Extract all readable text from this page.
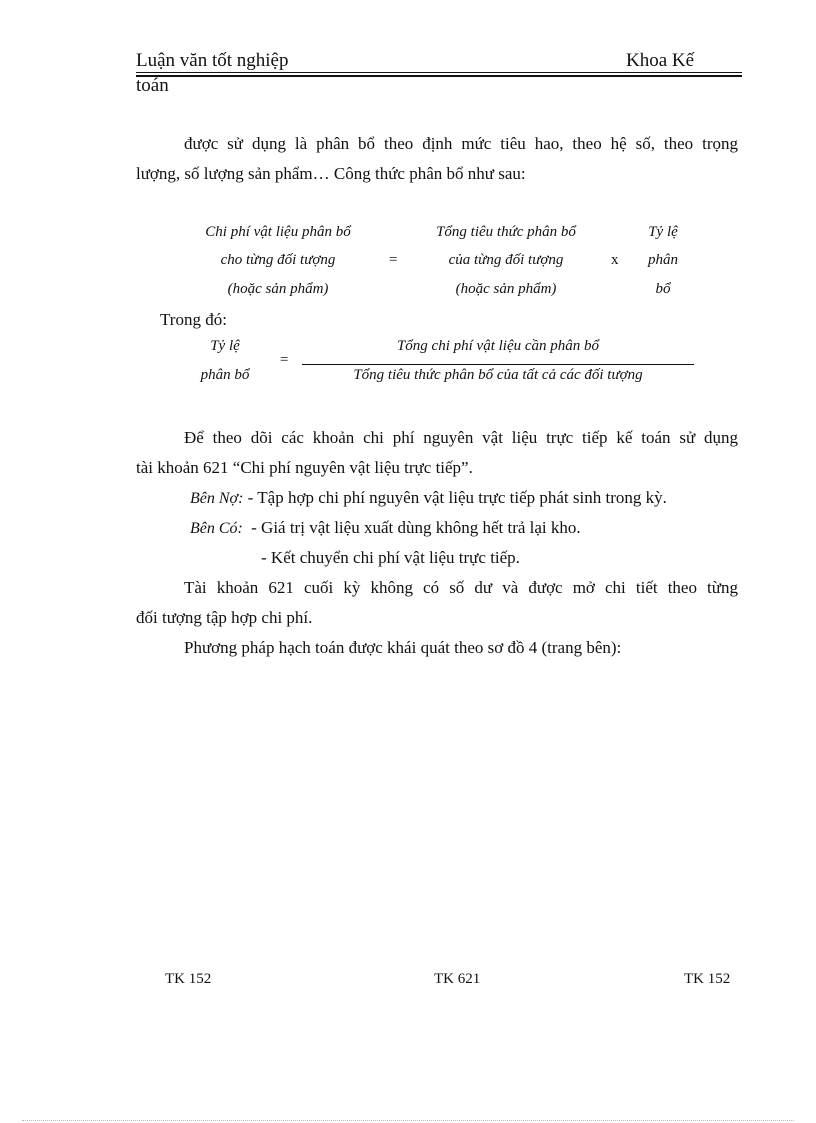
Luận văn tốt nghiệp	Khoa Kế
toán
được sử dụng là phân bổ theo định mức tiêu hao, theo hệ số, theo trọng
lượng, số lượng sản phẩm… Công thức phân bổ như sau:
Chi phí vật liệu phân bổ
cho từng đối tượng
(hoặc sản phẩm)
=
Tổng tiêu thức phân bổ
của từng đối tượng
(hoặc sản phẩm)
x
Tỷ lệ
phân
bổ
Trong đó:
Tỷ lệ
phân bổ
=
Tổng chi phí vật liệu cần phân bổ
Tổng tiêu thức phân bổ của tất cả các đối tượng
Để theo dõi các khoản chi phí nguyên vật liệu trực tiếp kế toán sử dụng
tài khoản 621 “Chi phí nguyên vật liệu trực tiếp”.
Bên Nợ: - Tập hợp chi phí nguyên vật liệu trực tiếp phát sinh trong kỳ.
Bên Có: - Giá trị vật liệu xuất dùng không hết trả lại kho.
- Kết chuyển chi phí vật liệu trực tiếp.
Tài khoản 621 cuối kỳ không có số dư và được mở chi tiết theo từng
đối tượng tập hợp chi phí.
Phương pháp hạch toán được khái quát theo sơ đồ 4 (trang bên):
TK 152	TK 621	TK 152
